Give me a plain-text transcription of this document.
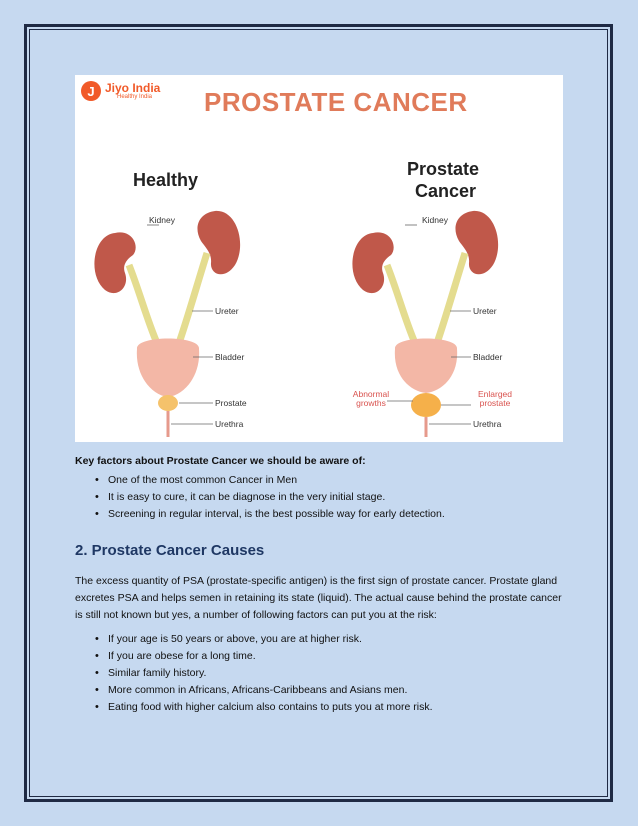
J Jiyo India
Healthy India	PROSTATE CANCER
Healthy
Prostate
Cancer
Kidney
Ureter
Bladder
Prostate
Urethra
Kidney
Ureter
Bladder
Urethra
Abnormal growths
Enlarged prostate
Key factors about Prostate Cancer we should be aware of:
• One of the most common Cancer in Men
• It is easy to cure, it can be diagnose in the very initial stage.
• Screening in regular interval, is the best possible way for early detection.
2. Prostate Cancer Causes
The excess quantity of PSA (prostate-specific antigen) is the first sign of prostate cancer. Prostate gland excretes PSA and helps semen in retaining its state (liquid). The actual cause behind the prostate cancer is still not known but yes, a number of following factors can put you at the risk:
• If your age is 50 years or above, you are at higher risk.
• If you are obese for a long time.
• Similar family history.
• More common in Africans, Africans-Caribbeans and Asians men.
• Eating food with higher calcium also contains to puts you at more risk.
